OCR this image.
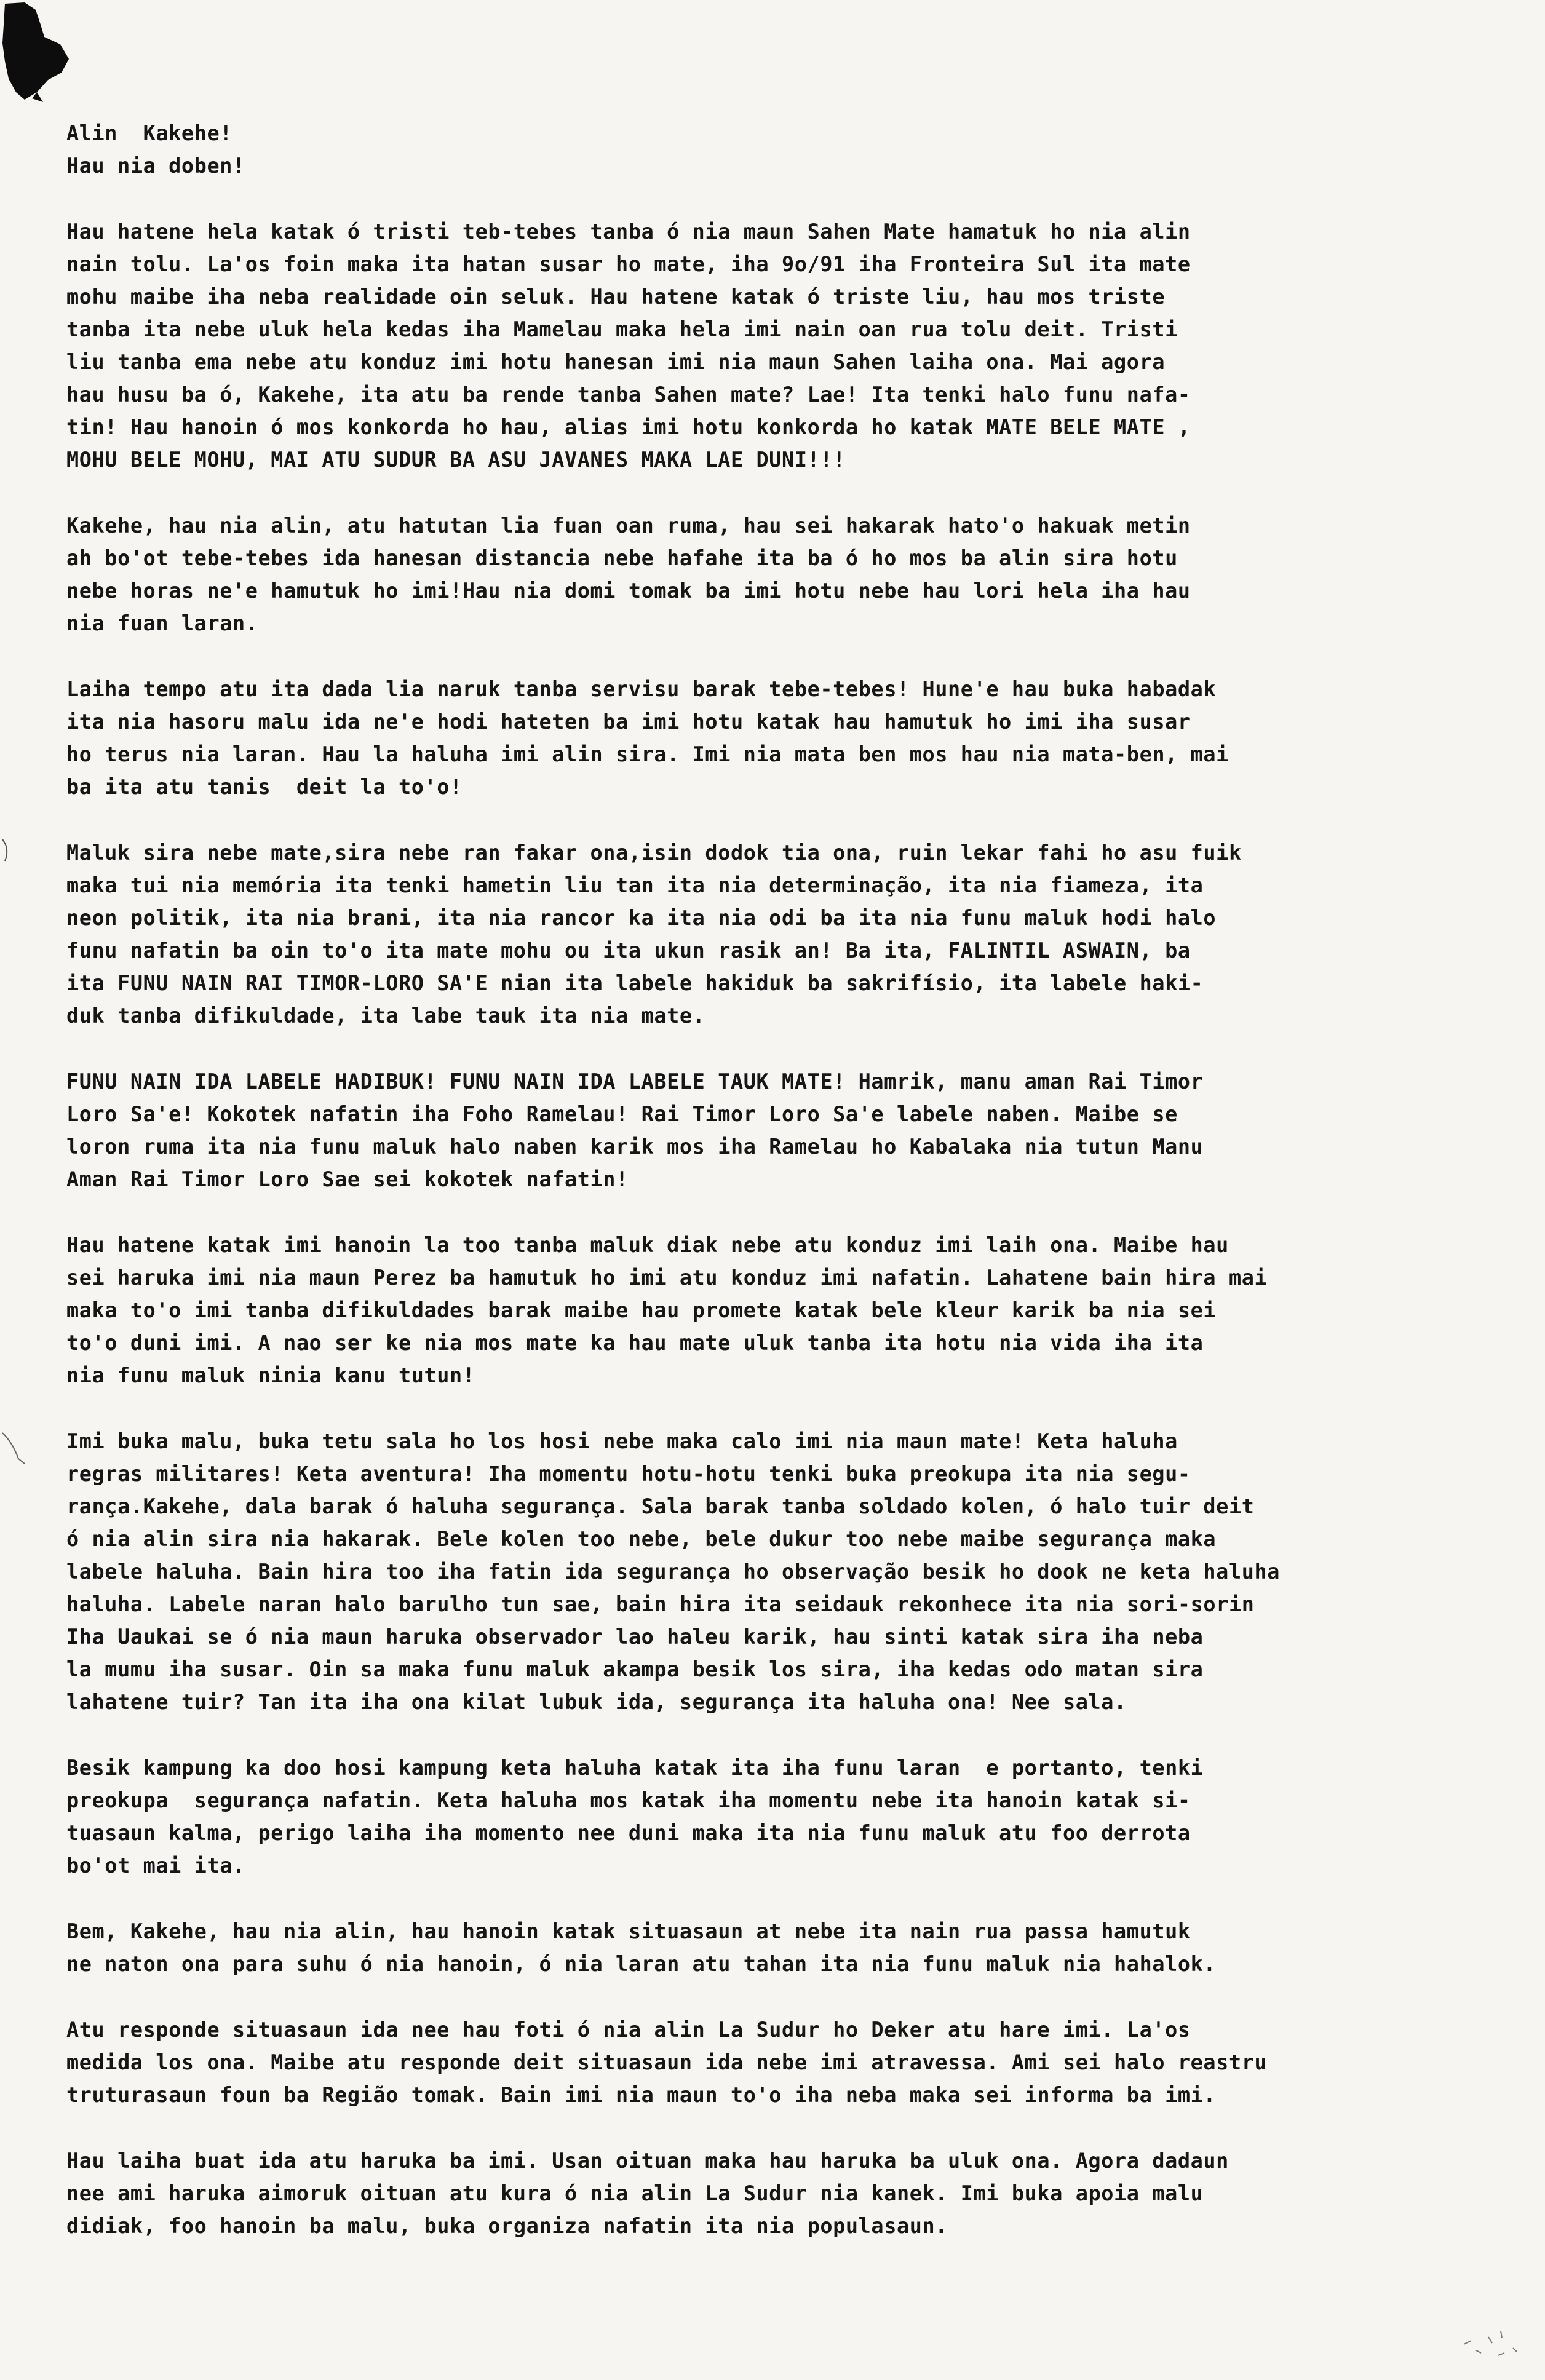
Alin  Kakehe!
Hau nia doben!
Hau hatene hela katak ó tristi teb-tebes tanba ó nia maun Sahen Mate hamatuk ho nia alin
nain tolu. La'os foin maka ita hatan susar ho mate, iha 9o/91 iha Fronteira Sul ita mate
mohu maibe iha neba realidade oin seluk. Hau hatene katak ó triste liu, hau mos triste
tanba ita nebe uluk hela kedas iha Mamelau maka hela imi nain oan rua tolu deit. Tristi
liu tanba ema nebe atu konduz imi hotu hanesan imi nia maun Sahen laiha ona. Mai agora
hau husu ba ó, Kakehe, ita atu ba rende tanba Sahen mate? Lae! Ita tenki halo funu nafa-
tin! Hau hanoin ó mos konkorda ho hau, alias imi hotu konkorda ho katak MATE BELE MATE ,
MOHU BELE MOHU, MAI ATU SUDUR BA ASU JAVANES MAKA LAE DUNI!!!
Kakehe, hau nia alin, atu hatutan lia fuan oan ruma, hau sei hakarak hato'o hakuak metin
ah bo'ot tebe-tebes ida hanesan distancia nebe hafahe ita ba ó ho mos ba alin sira hotu
nebe horas ne'e hamutuk ho imi!Hau nia domi tomak ba imi hotu nebe hau lori hela iha hau
nia fuan laran.
Laiha tempo atu ita dada lia naruk tanba servisu barak tebe-tebes! Hune'e hau buka habadak
ita nia hasoru malu ida ne'e hodi hateten ba imi hotu katak hau hamutuk ho imi iha susar
ho terus nia laran. Hau la haluha imi alin sira. Imi nia mata ben mos hau nia mata-ben, mai
ba ita atu tanis  deit la to'o!
Maluk sira nebe mate,sira nebe ran fakar ona,isin dodok tia ona, ruin lekar fahi ho asu fuik
maka tui nia memória ita tenki hametin liu tan ita nia determinação, ita nia fiameza, ita
neon politik, ita nia brani, ita nia rancor ka ita nia odi ba ita nia funu maluk hodi halo
funu nafatin ba oin to'o ita mate mohu ou ita ukun rasik an! Ba ita, FALINTIL ASWAIN, ba
ita FUNU NAIN RAI TIMOR-LORO SA'E nian ita labele hakiduk ba sakrifísio, ita labele haki-
duk tanba difikuldade, ita labe tauk ita nia mate.
FUNU NAIN IDA LABELE HADIBUK! FUNU NAIN IDA LABELE TAUK MATE! Hamrik, manu aman Rai Timor
Loro Sa'e! Kokotek nafatin iha Foho Ramelau! Rai Timor Loro Sa'e labele naben. Maibe se
loron ruma ita nia funu maluk halo naben karik mos iha Ramelau ho Kabalaka nia tutun Manu
Aman Rai Timor Loro Sae sei kokotek nafatin!
Hau hatene katak imi hanoin la too tanba maluk diak nebe atu konduz imi laih ona. Maibe hau
sei haruka imi nia maun Perez ba hamutuk ho imi atu konduz imi nafatin. Lahatene bain hira mai
maka to'o imi tanba difikuldades barak maibe hau promete katak bele kleur karik ba nia sei
to'o duni imi. A nao ser ke nia mos mate ka hau mate uluk tanba ita hotu nia vida iha ita
nia funu maluk ninia kanu tutun!
Imi buka malu, buka tetu sala ho los hosi nebe maka calo imi nia maun mate! Keta haluha
regras militares! Keta aventura! Iha momentu hotu-hotu tenki buka preokupa ita nia segu-
rança.Kakehe, dala barak ó haluha segurança. Sala barak tanba soldado kolen, ó halo tuir deit
ó nia alin sira nia hakarak. Bele kolen too nebe, bele dukur too nebe maibe segurança maka
labele haluha. Bain hira too iha fatin ida segurança ho observação besik ho dook ne keta haluha
haluha. Labele naran halo barulho tun sae, bain hira ita seidauk rekonhece ita nia sori-sorin
Iha Uaukai se ó nia maun haruka observador lao haleu karik, hau sinti katak sira iha neba
la mumu iha susar. Oin sa maka funu maluk akampa besik los sira, iha kedas odo matan sira
lahatene tuir? Tan ita iha ona kilat lubuk ida, segurança ita haluha ona! Nee sala.
Besik kampung ka doo hosi kampung keta haluha katak ita iha funu laran  e portanto, tenki
preokupa  segurança nafatin. Keta haluha mos katak iha momentu nebe ita hanoin katak si-
tuasaun kalma, perigo laiha iha momento nee duni maka ita nia funu maluk atu foo derrota
bo'ot mai ita.
Bem, Kakehe, hau nia alin, hau hanoin katak situasaun at nebe ita nain rua passa hamutuk
ne naton ona para suhu ó nia hanoin, ó nia laran atu tahan ita nia funu maluk nia hahalok.
Atu responde situasaun ida nee hau foti ó nia alin La Sudur ho Deker atu hare imi. La'os
medida los ona. Maibe atu responde deit situasaun ida nebe imi atravessa. Ami sei halo reastru
truturasaun foun ba Região tomak. Bain imi nia maun to'o iha neba maka sei informa ba imi.
Hau laiha buat ida atu haruka ba imi. Usan oituan maka hau haruka ba uluk ona. Agora dadaun
nee ami haruka aimoruk oituan atu kura ó nia alin La Sudur nia kanek. Imi buka apoia malu
didiak, foo hanoin ba malu, buka organiza nafatin ita nia populasaun.
